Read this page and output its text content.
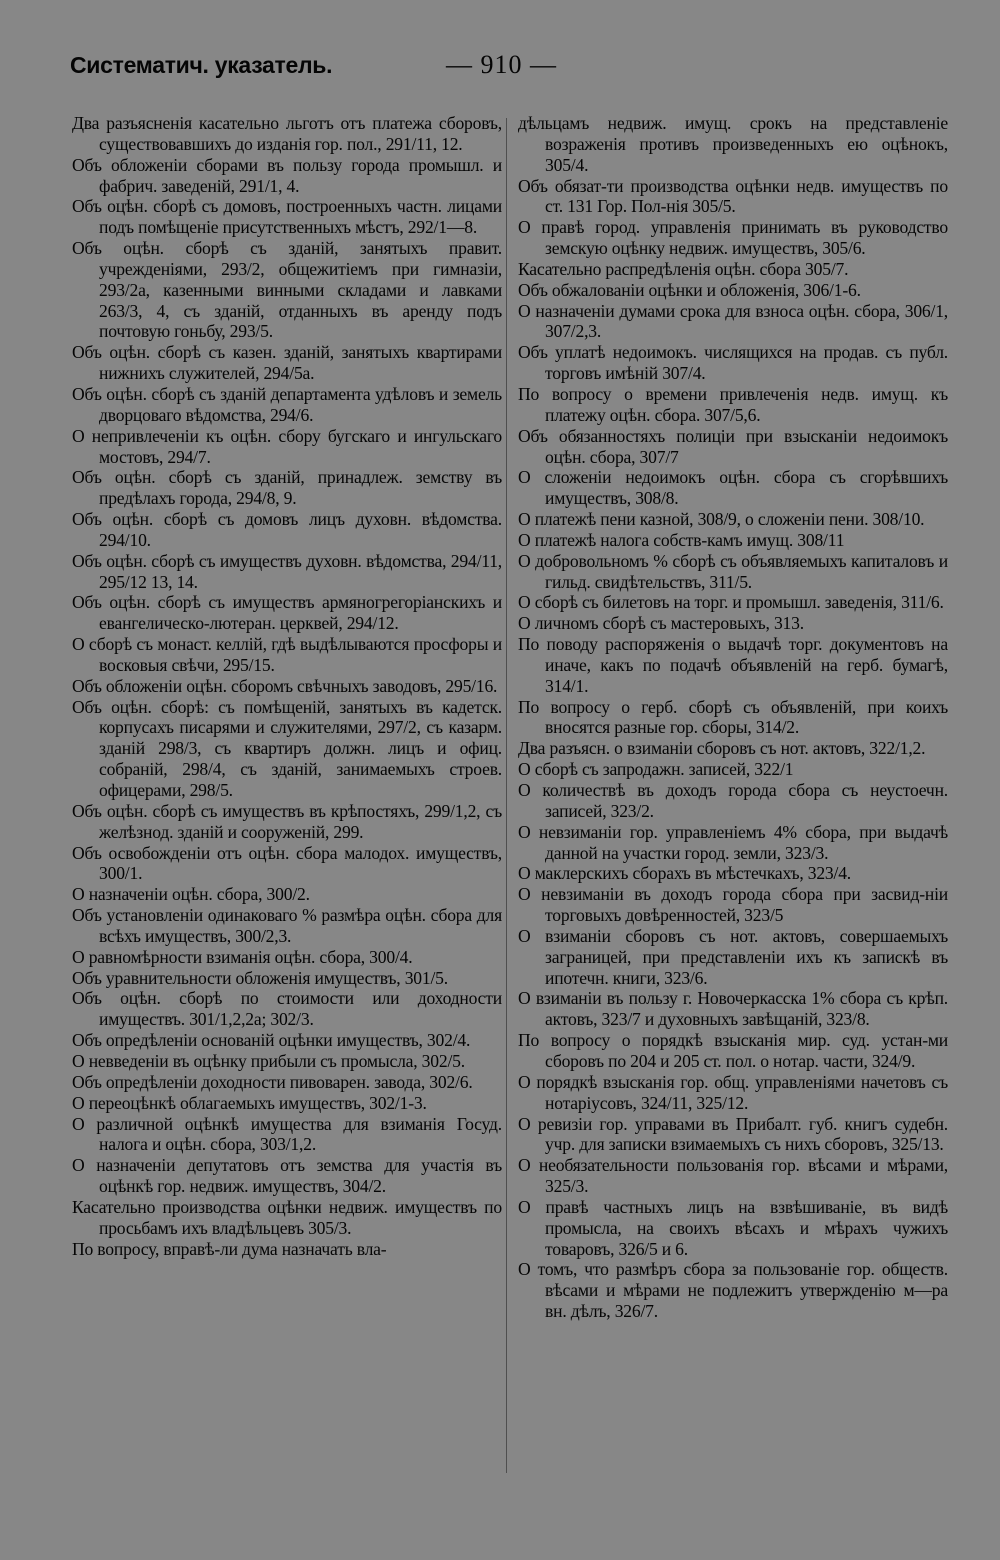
Систематич. указатель.	— 910 —
Два разъясненія касательно льготъ отъ платежа сборовъ, существовавшихъ до изданія гор. пол., 291/11, 12.
Объ обложеніи сборами въ пользу города промышл. и фабрич. заведеній, 291/1, 4.
Объ оцѣн. сборѣ съ домовъ, построенныхъ частн. лицами подъ помѣщеніе присутственныхъ мѣстъ, 292/1—8.
Объ оцѣн. сборѣ съ зданій, занятыхъ правит. учрежденіями, 293/2, общежитіемъ при гимназіи, 293/2а, казенными винными складами и лавками 263/3, 4, съ зданій, отданныхъ въ аренду подъ почтовую гоньбу, 293/5.
Объ оцѣн. сборѣ съ казен. зданій, занятыхъ квартирами нижнихъ служителей, 294/5а.
Объ оцѣн. сборѣ съ зданій департамента удѣловъ и земель дворцоваго вѣдомства, 294/6.
О непривлеченіи къ оцѣн. сбору бугскаго и ингульскаго мостовъ, 294/7.
Объ оцѣн. сборѣ съ зданій, принадлеж. земству въ предѣлахъ города, 294/8, 9.
Объ оцѣн. сборѣ съ домовъ лицъ духовн. вѣдомства. 294/10.
Объ оцѣн. сборѣ съ имуществъ духовн. вѣдомства, 294/11, 295/12 13, 14.
Объ оцѣн. сборѣ съ имуществъ армяногрегоріанскихъ и евангелическо-лютеран. церквей, 294/12.
О сборѣ съ монаст. келлій, гдѣ выдѣлываются просфоры и восковыя свѣчи, 295/15.
Объ обложеніи оцѣн. сборомъ свѣчныхъ заводовъ, 295/16.
Объ оцѣн. сборѣ: съ помѣщеній, занятыхъ въ кадетск. корпусахъ писарями и служителями, 297/2, съ казарм. зданій 298/3, съ квартиръ должн. лицъ и офиц. собраній, 298/4, съ зданій, занимаемыхъ строев. офицерами, 298/5.
Объ оцѣн. сборѣ съ имуществъ въ крѣпостяхъ, 299/1,2, съ желѣзнод. зданій и сооруженій, 299.
Объ освобожденіи отъ оцѣн. сбора малодох. имуществъ, 300/1.
О назначеніи оцѣн. сбора, 300/2.
Объ установленіи одинаковаго % размѣра оцѣн. сбора для всѣхъ имуществъ, 300/2,3.
О равномѣрности взиманія оцѣн. сбора, 300/4.
Объ уравнительности обложенія имуществъ, 301/5.
Объ оцѣн. сборѣ по стоимости или доходности имуществъ. 301/1,2,2а; 302/3.
Объ опредѣленіи основаній оцѣнки имуществъ, 302/4.
О невведеніи въ оцѣнку прибыли съ промысла, 302/5.
Объ опредѣленіи доходности пивоварен. завода, 302/6.
О переоцѣнкѣ облагаемыхъ имуществъ, 302/1-3.
О различной оцѣнкѣ имущества для взиманія Госуд. налога и оцѣн. сбора, 303/1,2.
О назначеніи депутатовъ отъ земства для участія въ оцѣнкѣ гор. недвиж. имуществъ, 304/2.
Касательно производства оцѣнки недвиж. имуществъ по просьбамъ ихъ владѣльцевъ 305/3.
По вопросу, вправѣ-ли дума назначать вла-
дѣльцамъ недвиж. имущ. срокъ на представленіе возраженія противъ произведенныхъ ею оцѣнокъ, 305/4.
Объ обязат-ти производства оцѣнки недв. имуществъ по ст. 131 Гор. Пол-нія 305/5.
О правѣ город. управленія принимать въ руководство земскую оцѣнку недвиж. имуществъ, 305/6.
Касательно распредѣленія оцѣн. сбора 305/7.
Объ обжалованіи оцѣнки и обложенія, 306/1-6.
О назначеніи думами срока для взноса оцѣн. сбора, 306/1, 307/2,3.
Объ уплатѣ недоимокъ. числящихся на продав. съ публ. торговъ имѣній 307/4.
По вопросу о времени привлеченія недв. имущ. къ платежу оцѣн. сбора. 307/5,6.
Объ обязанностяхъ полиціи при взысканіи недоимокъ оцѣн. сбора, 307/7
О сложеніи недоимокъ оцѣн. сбора съ сгорѣвшихъ имуществъ, 308/8.
О платежѣ пени казной, 308/9, о сложеніи пени. 308/10.
О платежѣ налога собств-камъ имущ. 308/11
О добровольномъ % сборѣ съ объявляемыхъ капиталовъ и гильд. свидѣтельствъ, 311/5.
О сборѣ съ билетовъ на торг. и промышл. заведенія, 311/6.
О личномъ сборѣ съ мастеровыхъ, 313.
По поводу распоряженія о выдачѣ торг. документовъ на иначе, какъ по подачѣ объявленій на герб. бумагѣ, 314/1.
По вопросу о герб. сборѣ съ объявленій, при коихъ вносятся разные гор. сборы, 314/2.
Два разъясн. о взиманіи сборовъ съ нот. актовъ, 322/1,2.
О сборѣ съ запродажн. записей, 322/1
О количествѣ въ доходъ города сбора съ неустоечн. записей, 323/2.
О невзиманіи гор. управленіемъ 4% сбора, при выдачѣ данной на участки город. земли, 323/3.
О маклерскихъ сборахъ въ мѣстечкахъ, 323/4.
О невзиманіи въ доходъ города сбора при засвид-ніи торговыхъ довѣренностей, 323/5
О взиманіи сборовъ съ нот. актовъ, совершаемыхъ заграницей, при представленіи ихъ къ запискѣ въ ипотечн. книги, 323/6.
О взиманіи въ пользу г. Новочеркасска 1% сбора съ крѣп. актовъ, 323/7 и духовныхъ завѣщаній, 323/8.
По вопросу о порядкѣ взысканія мир. суд. устан-ми сборовъ по 204 и 205 ст. пол. о нотар. части, 324/9.
О порядкѣ взысканія гор. общ. управленіями начетовъ съ нотаріусовъ, 324/11, 325/12.
О ревизіи гор. управами въ Прибалт. губ. книгъ судебн. учр. для записки взимаемыхъ съ нихъ сборовъ, 325/13.
О необязательности пользованія гор. вѣсами и мѣрами, 325/3.
О правѣ частныхъ лицъ на взвѣшиваніе, въ видѣ промысла, на своихъ вѣсахъ и мѣрахъ чужихъ товаровъ, 326/5 и 6.
О томъ, что размѣръ сбора за пользованіе гор. обществ. вѣсами и мѣрами не подлежитъ утвержденію м—ра вн. дѣлъ, 326/7.
